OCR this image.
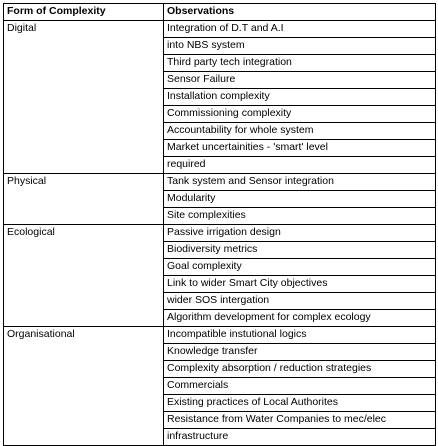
Form of Complexity	Observations
Digital	Integration of D.T and A.I
	into NBS system
	Third party tech integration
	Sensor Failure
	Installation complexity
	Commissioning complexity
	Accountability for whole system
	Market uncertainities - 'smart' level
	required
Physical	Tank system and Sensor integration
	Modularity
	Site complexities
Ecological	Passive irrigation design
	Biodiversity metrics
	Goal complexity
	Link to wider Smart City objectives
	wider SOS intergation
	Algorithm development for complex ecology
Organisational	Incompatible instutional logics
	Knowledge transfer
	Complexity absorption / reduction strategies
	Commercials
	Existing practices of Local Authorites
	Resistance from Water Companies to mec/elec
	infrastructure
